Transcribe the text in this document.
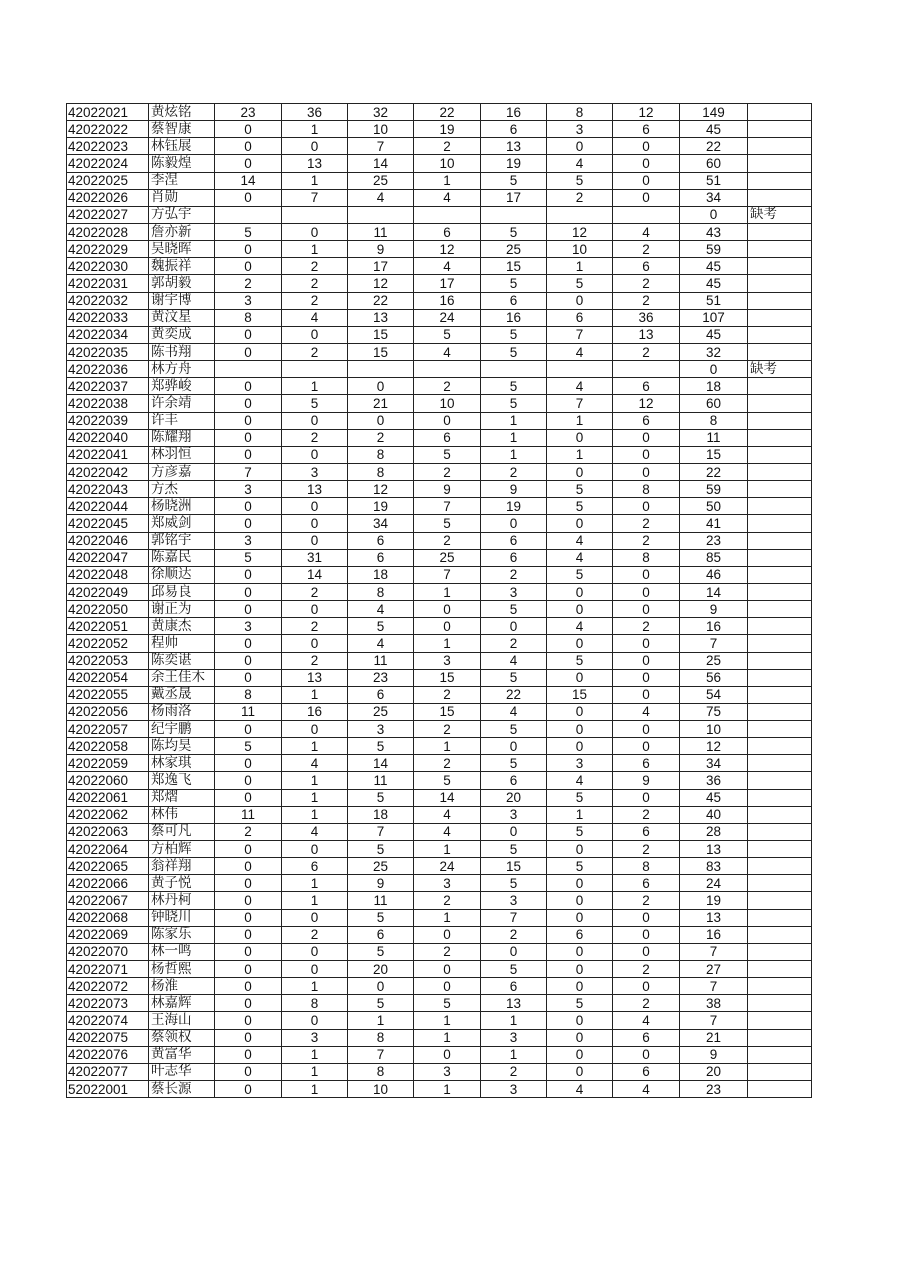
42022021	黄炫铭	23	36	32	22	16	8	12	149	
42022022	蔡智康	0	1	10	19	6	3	6	45	
42022023	林钰展	0	0	7	2	13	0	0	22	
42022024	陈毅煌	0	13	14	10	19	4	0	60	
42022025	李涅	14	1	25	1	5	5	0	51	
42022026	肖勋	0	7	4	4	17	2	0	34	
42022027	方弘宇								0	缺考
42022028	詹亦新	5	0	11	6	5	12	4	43	
42022029	吴晓晖	0	1	9	12	25	10	2	59	
42022030	魏振祥	0	2	17	4	15	1	6	45	
42022031	郭胡毅	2	2	12	17	5	5	2	45	
42022032	谢宇博	3	2	22	16	6	0	2	51	
42022033	黄汶星	8	4	13	24	16	6	36	107	
42022034	黄奕成	0	0	15	5	5	7	13	45	
42022035	陈书翔	0	2	15	4	5	4	2	32	
42022036	林方舟								0	缺考
42022037	郑骅峻	0	1	0	2	5	4	6	18	
42022038	许余靖	0	5	21	10	5	7	12	60	
42022039	许丰	0	0	0	0	1	1	6	8	
42022040	陈耀翔	0	2	2	6	1	0	0	11	
42022041	林羽恒	0	0	8	5	1	1	0	15	
42022042	方彦嘉	7	3	8	2	2	0	0	22	
42022043	方杰	3	13	12	9	9	5	8	59	
42022044	杨晓洲	0	0	19	7	19	5	0	50	
42022045	郑威剑	0	0	34	5	0	0	2	41	
42022046	郭铭宇	3	0	6	2	6	4	2	23	
42022047	陈嘉民	5	31	6	25	6	4	8	85	
42022048	徐顺达	0	14	18	7	2	5	0	46	
42022049	邱易良	0	2	8	1	3	0	0	14	
42022050	谢正为	0	0	4	0	5	0	0	9	
42022051	黄康杰	3	2	5	0	0	4	2	16	
42022052	程帅	0	0	4	1	2	0	0	7	
42022053	陈奕谌	0	2	11	3	4	5	0	25	
42022054	余王佳木	0	13	23	15	5	0	0	56	
42022055	戴丞晟	8	1	6	2	22	15	0	54	
42022056	杨雨洛	11	16	25	15	4	0	4	75	
42022057	纪宇鹏	0	0	3	2	5	0	0	10	
42022058	陈均昊	5	1	5	1	0	0	0	12	
42022059	林家琪	0	4	14	2	5	3	6	34	
42022060	郑逸飞	0	1	11	5	6	4	9	36	
42022061	郑熠	0	1	5	14	20	5	0	45	
42022062	林伟	11	1	18	4	3	1	2	40	
42022063	蔡可凡	2	4	7	4	0	5	6	28	
42022064	方柏辉	0	0	5	1	5	0	2	13	
42022065	翁祥翔	0	6	25	24	15	5	8	83	
42022066	黄子悦	0	1	9	3	5	0	6	24	
42022067	林丹柯	0	1	11	2	3	0	2	19	
42022068	钟晓川	0	0	5	1	7	0	0	13	
42022069	陈家乐	0	2	6	0	2	6	0	16	
42022070	林一鸣	0	0	5	2	0	0	0	7	
42022071	杨哲熙	0	0	20	0	5	0	2	27	
42022072	杨淮	0	1	0	0	6	0	0	7	
42022073	林嘉辉	0	8	5	5	13	5	2	38	
42022074	王海山	0	0	1	1	1	0	4	7	
42022075	蔡领权	0	3	8	1	3	0	6	21	
42022076	黄富华	0	1	7	0	1	0	0	9	
42022077	叶志华	0	1	8	3	2	0	6	20	
52022001	蔡长源	0	1	10	1	3	4	4	23	
